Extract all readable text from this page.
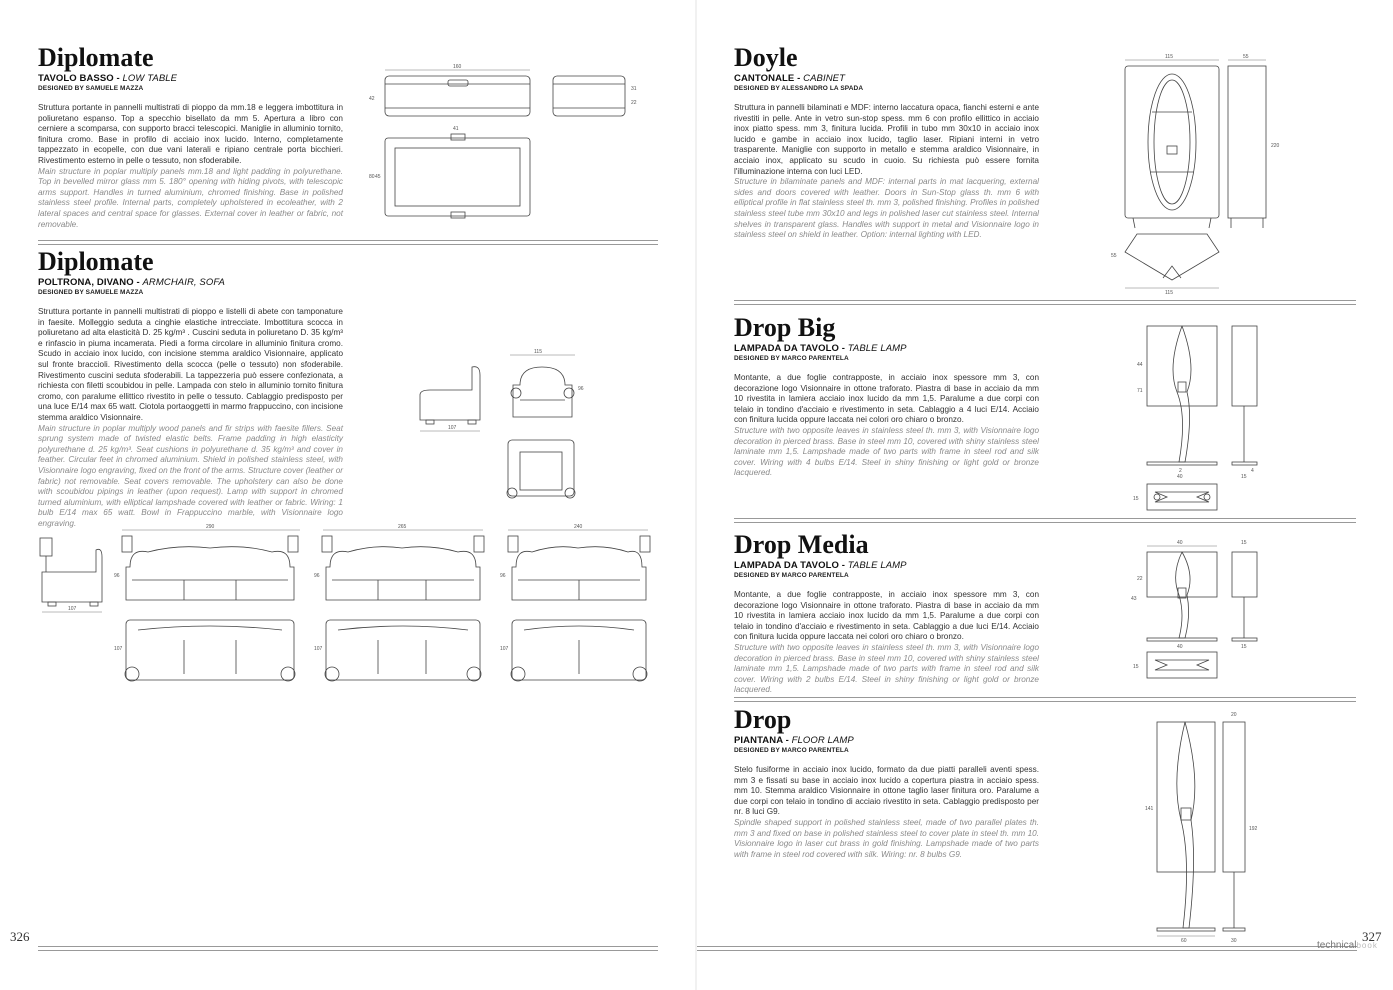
Diplomate
TAVOLO BASSO - LOW TABLE
DESIGNED BY SAMUELE MAZZA
Struttura portante in pannelli multistrati di pioppo da mm.18 e leggera imbottitura in poliuretano espanso. Top a specchio bisellato da mm 5. Apertura a libro con cerniere a scomparsa, con supporto bracci telescopici. Maniglie in alluminio tornito, finitura cromo. Base in profilo di acciaio inox lucido. Interno, completamente tappezzato in ecopelle, con due vani laterali e ripiano centrale porta bicchieri. Rivestimento esterno in pelle o tessuto, non sfoderabile.
Main structure in poplar multiply panels mm.18 and light padding in polyurethane. Top in bevelled mirror glass mm 5. 180° opening with hiding pivots, with telescopic arms support. Handles in turned aluminium, chromed finishing. Base in polished stainless steel profile. Internal parts, completely upholstered in ecoleather, with 2 lateral spaces and central space for glasses. External cover in leather or fabric, not removable.
160
42
31
22
41
80 45
Diplomate
POLTRONA, DIVANO - ARMCHAIR, SOFA
DESIGNED BY SAMUELE MAZZA
Struttura portante in pannelli multistrati di pioppo e listelli di abete con tamponature in faesite. Molleggio seduta a cinghie elastiche intrecciate. Imbottitura scocca in poliuretano ad alta elasticità D. 25 kg/m³ . Cuscini seduta in poliuretano D. 35 kg/m³ e rinfascio in piuma incamerata. Piedi a forma circolare in alluminio finitura cromo. Scudo in acciaio inox lucido, con incisione stemma araldico Visionnaire, applicato sul fronte braccioli. Rivestimento della scocca (pelle o tessuto) non sfoderabile. Rivestimento cuscini seduta sfoderabili. La tappezzeria può essere confezionata, a richiesta con filetti scoubidou in pelle. Lampada con stelo in alluminio tornito finitura cromo, con paralume ellittico rivestito in pelle o tessuto. Cablaggio predisposto per una luce E/14 max 65 watt. Ciotola portaoggetti in marmo frappuccino, con incisione stemma araldico Visionnaire.
Main structure in poplar multiply wood panels and fir strips with faesite fillers. Seat sprung system made of twisted elastic belts. Frame padding in high elasticity polyurethane d. 25 kg/m³. Seat cushions in polyurethane d. 35 kg/m³ and cover in feather. Circular feet in chromed aluminium. Shield in polished stainless steel, with Visionnaire logo engraving, fixed on the front of the arms. Structure cover (leather or fabric) not removable. Seat covers removable. The upholstery can also be done with scoubidou pipings in leather (upon request). Lamp with support in chromed turned aluminium, with elliptical lampshade covered with leather or fabric. Wiring: 1 bulb E/14 max 65 watt. Bowl in Frappuccino marble, with Visionnaire logo engraving.
107
115
96
107
290
96
107
265
96
107
240
96
107
326
Doyle
CANTONALE - CABINET
DESIGNED BY ALESSANDRO LA SPADA
Struttura in pannelli bilaminati e MDF: interno laccatura opaca, fianchi esterni e ante rivestiti in pelle. Ante in vetro sun-stop spess. mm 6 con profilo ellittico in acciaio inox piatto spess. mm 3, finitura lucida. Profili in tubo mm 30x10 in acciaio inox lucido e gambe in acciaio inox lucido, taglio laser. Ripiani interni in vetro trasparente. Maniglie con supporto in metallo e stemma araldico Visionnaire, in acciaio inox, applicato su scudo in cuoio. Su richiesta può essere fornita l'illuminazione interna con luci LED.
Structure in bilaminate panels and MDF: internal parts in mat lacquering, external sides and doors covered with leather. Doors in Sun-Stop glass th. mm 6 with elliptical profile in flat stainless steel th. mm 3, polished finishing. Profiles in polished stainless steel tube mm 30x10 and legs in polished laser cut stainless steel. Internal shelves in transparent glass. Handles with support in metal and Visionnaire logo in stainless steel on shield in leather. Option: internal lighting with LED.
115	55
220
115
55
Drop Big
LAMPADA DA TAVOLO - TABLE LAMP
DESIGNED BY MARCO PARENTELA
Montante, a due foglie contrapposte, in acciaio inox spessore mm 3, con decorazione logo Visionnaire in ottone traforato. Piastra di base in acciaio da mm 10 rivestita in lamiera acciaio inox lucido da mm 1,5. Paralume a due corpi con telaio in tondino d'acciaio e rivestimento in seta. Cablaggio a 4 luci E/14. Acciaio con finitura lucida oppure laccata nei colori oro chiaro o bronzo.
Structure with two opposite leaves in stainless steel th. mm 3, with Visionnaire logo decoration in pierced brass. Base in steel mm 10, covered with shiny stainless steel laminate mm 1,5. Lampshade made of two parts with frame in steel rod and silk cover. Wiring with 4 bulbs E/14. Steel in shiny finishing or light gold or bronze lacquered.
71
44
2
40
4
15
15
Drop Media
LAMPADA DA TAVOLO - TABLE LAMP
DESIGNED BY MARCO PARENTELA
Montante, a due foglie contrapposte, in acciaio inox spessore mm 3, con decorazione logo Visionnaire in ottone traforato. Piastra di base in acciaio da mm 10 rivestita in lamiera acciaio inox lucido da mm 1,5. Paralume a due corpi con telaio in tondino d'acciaio e rivestimento in seta. Cablaggio a due luci E/14. Acciaio con finitura lucida oppure laccata nei colori oro chiaro o bronzo.
Structure with two opposite leaves in stainless steel th. mm 3, with Visionnaire logo decoration in pierced brass. Base in steel mm 10, covered with shiny stainless steel laminate mm 1,5. Lampshade made of two parts with frame in steel rod and silk cover. Wiring with 2 bulbs E/14. Steel in shiny finishing or light gold or bronze lacquered.
40
40
22
43
15
15
15
Drop
PIANTANA - FLOOR LAMP
DESIGNED BY MARCO PARENTELA
Stelo fusiforme in acciaio inox lucido, formato da due piatti paralleli aventi spess. mm 3 e fissati su base in acciaio inox lucido a copertura piastra in acciaio spess. mm 10. Stemma araldico Visionnaire in ottone taglio laser finitura oro. Paralume a due corpi con telaio in tondino di acciaio rivestito in seta. Cablaggio predisposto per nr. 8 luci G9.
Spindle shaped support in polished stainless steel, made of two parallel plates th. mm 3 and fixed on base in polished stainless steel to cover plate in steel th. mm 10. Visionnaire logo in laser cut brass in gold finishing. Lampshade made of two parts with frame in steel rod covered with silk. Wiring: nr. 8 bulbs G9.
60
141
20
30
192
327
technicalbook
